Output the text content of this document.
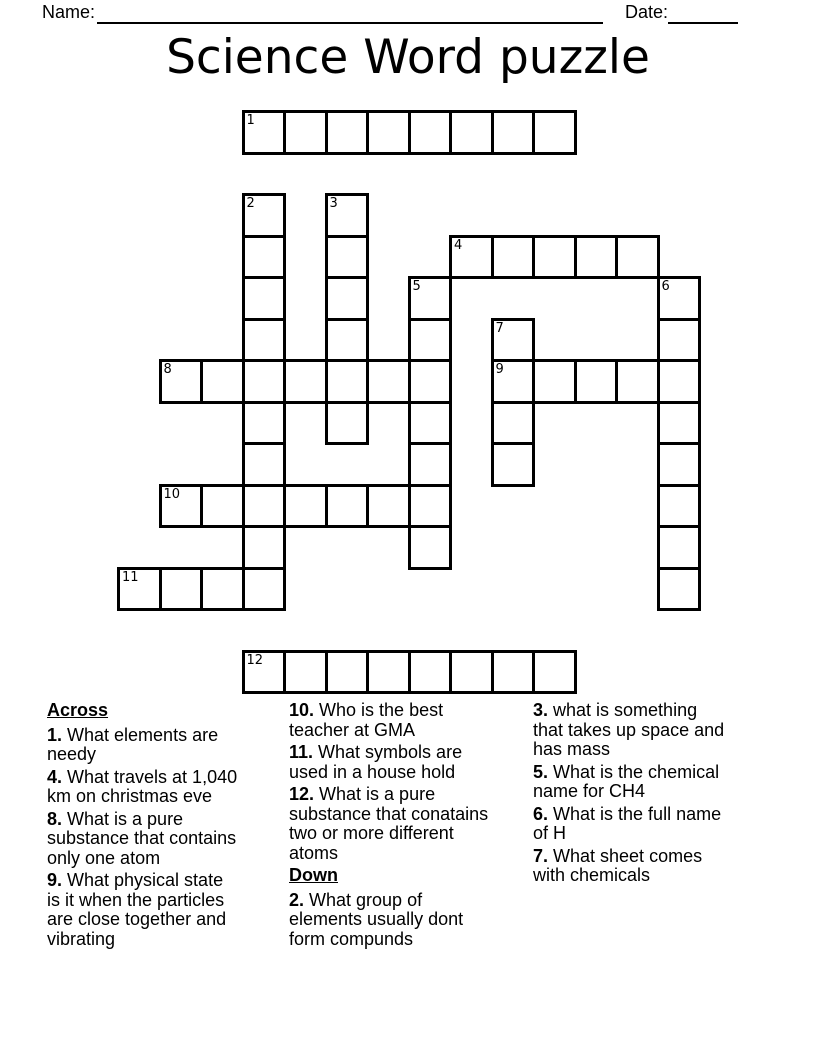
Name:	Date:
Science Word puzzle
1
2	3
4
5	6
7
9
8
10
11
12
Across

1. What elements are
needy

4. What travels at 1,040
km on christmas eve

8. What is a pure
substance that contains
only one atom

9. What physical state
is it when the particles
are close together and
vibrating

10. Who is the best
teacher at GMA

11. What symbols are
used in a house hold

12. What is a pure
substance that conatains
two or more different
atoms

Down

2. What group of
elements usually dont
form compunds

3. what is something
that takes up space and
has mass

5. What is the chemical
name for CH4

6. What is the full name
of H

7. What sheet comes
with chemicals
